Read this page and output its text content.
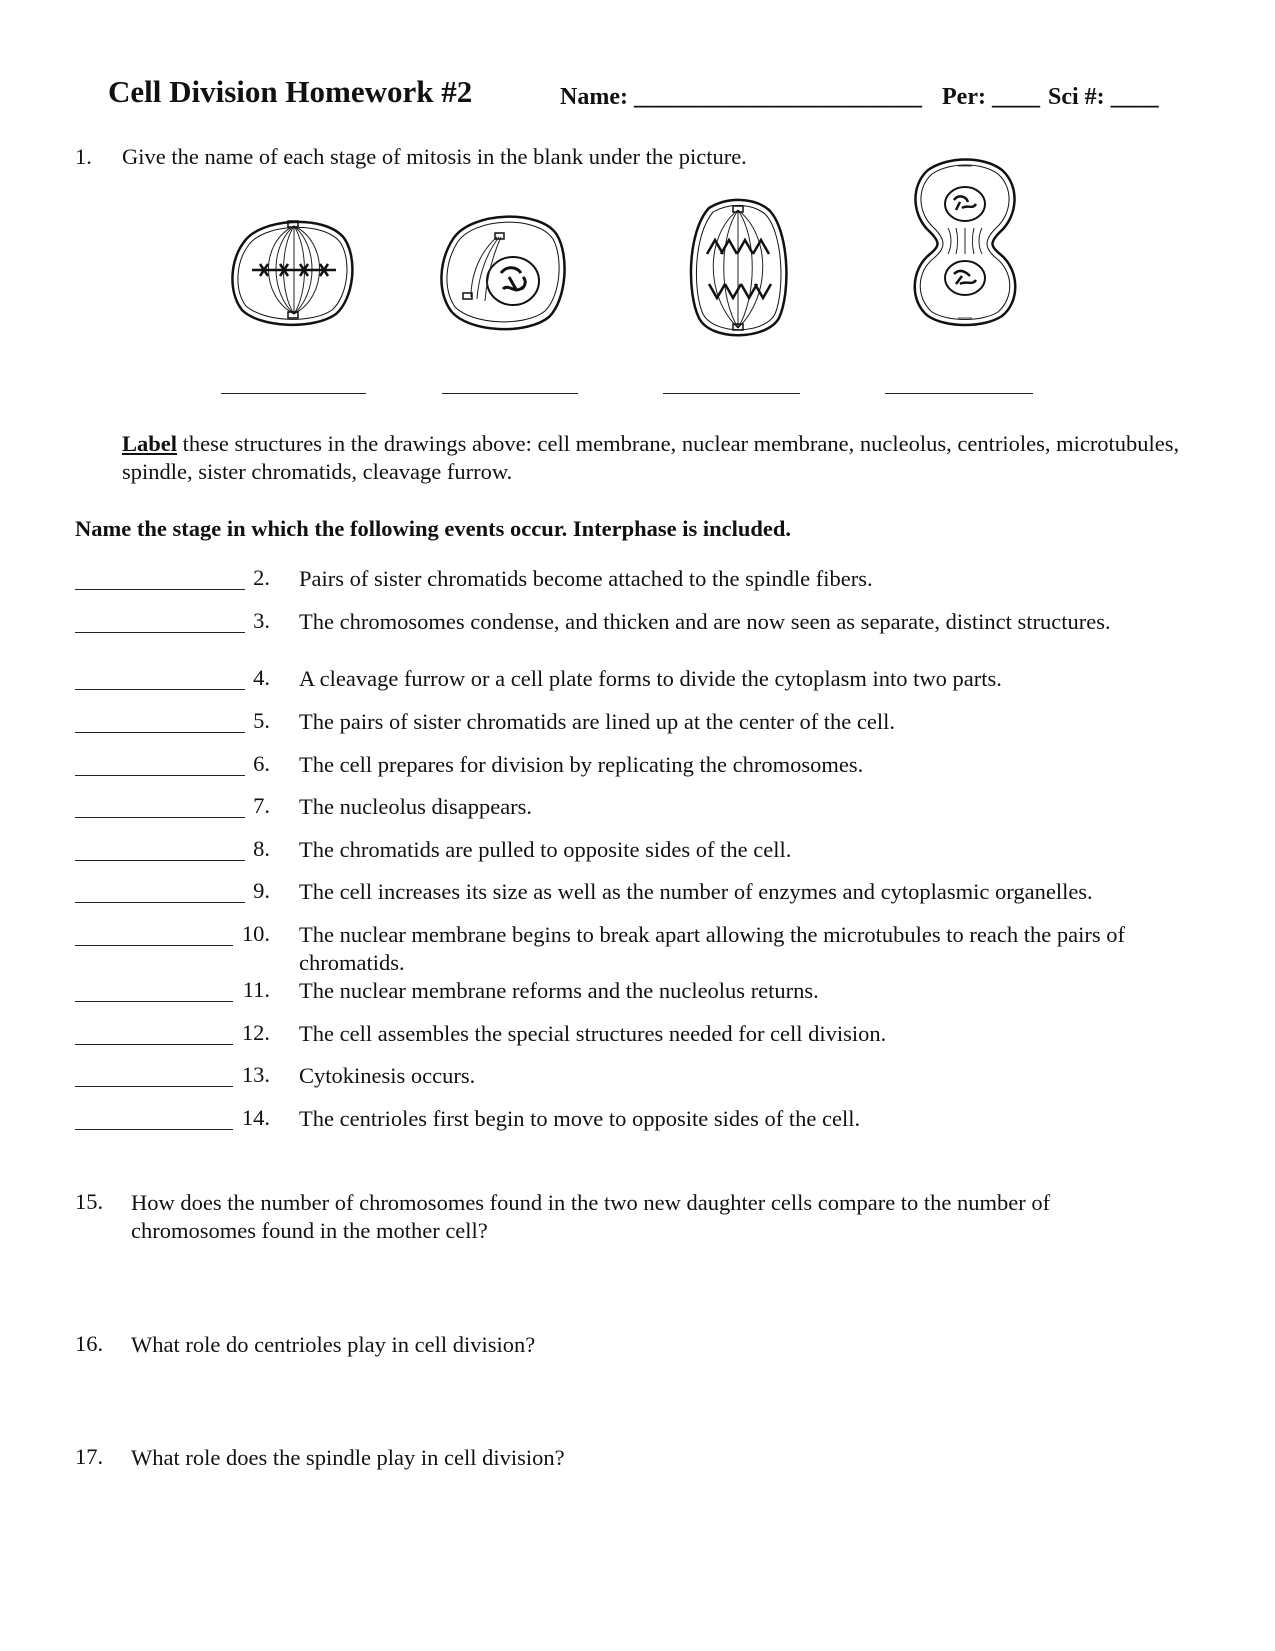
Cell Division Homework #2	Name: ________________________ Per: ____ Sci #: ____
1. Give the name of each stage of mitosis in the blank under the picture.
Label these structures in the drawings above: cell membrane, nuclear membrane, nucleolus, centrioles, microtubules, spindle, sister chromatids, cleavage furrow.
Name the stage in which the following events occur. Interphase is included.
2. Pairs of sister chromatids become attached to the spindle fibers.
3. The chromosomes condense, and thicken and are now seen as separate, distinct structures.
4. A cleavage furrow or a cell plate forms to divide the cytoplasm into two parts.
5. The pairs of sister chromatids are lined up at the center of the cell.
6. The cell prepares for division by replicating the chromosomes.
7. The nucleolus disappears.
8. The chromatids are pulled to opposite sides of the cell.
9. The cell increases its size as well as the number of enzymes and cytoplasmic organelles.
10. The nuclear membrane begins to break apart allowing the microtubules to reach the pairs of chromatids.
11. The nuclear membrane reforms and the nucleolus returns.
12. The cell assembles the special structures needed for cell division.
13. Cytokinesis occurs.
14. The centrioles first begin to move to opposite sides of the cell.
15. How does the number of chromosomes found in the two new daughter cells compare to the number of chromosomes found in the mother cell?
16. What role do centrioles play in cell division?
17. What role does the spindle play in cell division?
